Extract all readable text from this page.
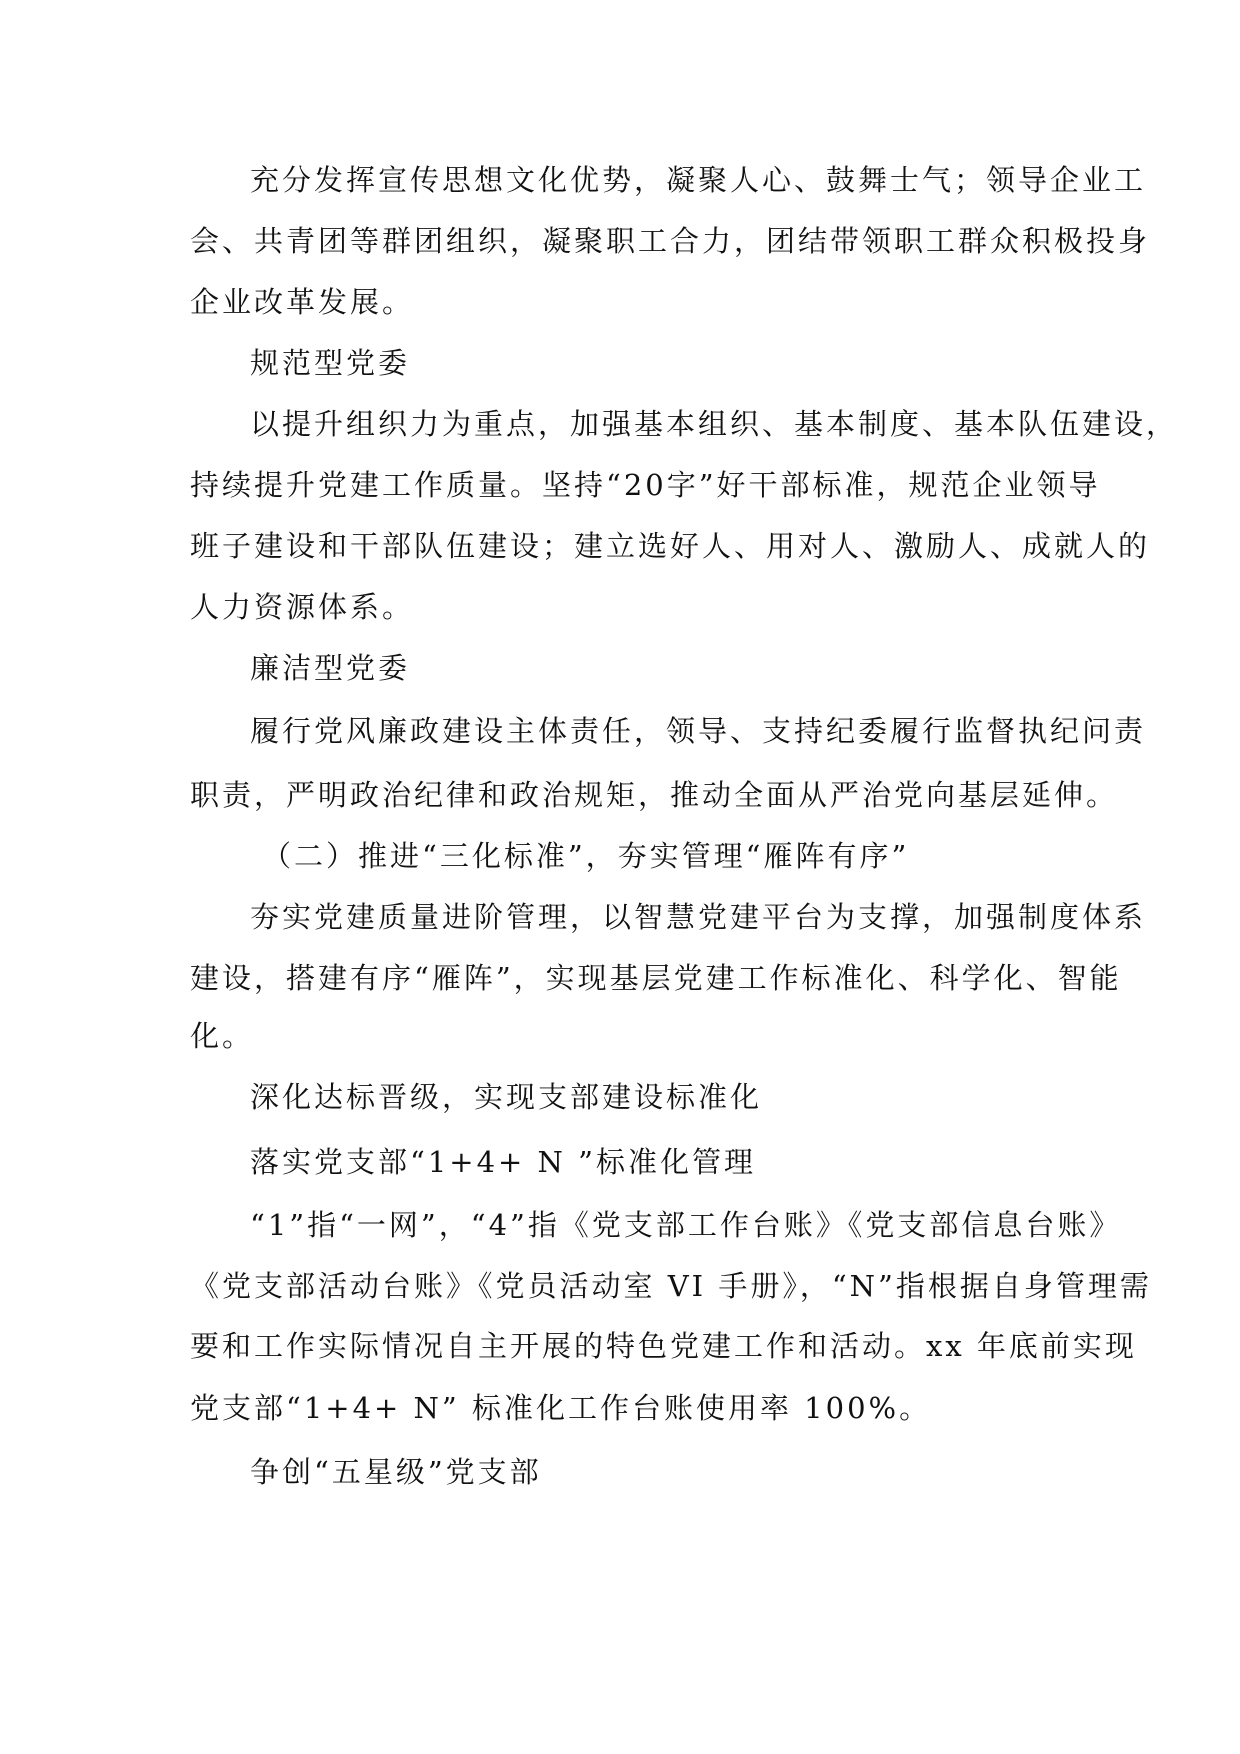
充分发挥宣传思想文化优势，凝聚人心、鼓舞士气；领导企业工

会、共青团等群团组织，凝聚职工合力，团结带领职工群众积极投身

企业改革发展。

规范型党委

以提升组织力为重点，加强基本组织、基本制度、基本队伍建设，

持续提升党建工作质量。坚持“20字”好干部标准，规范企业领导

班子建设和干部队伍建设；建立选好人、用对人、激励人、成就人的

人力资源体系。

廉洁型党委

履行党风廉政建设主体责任，领导、支持纪委履行监督执纪问责

职责，严明政治纪律和政治规矩，推动全面从严治党向基层延伸。

（二）推进“三化标准”，夯实管理“雁阵有序”

夯实党建质量进阶管理，以智慧党建平台为支撑，加强制度体系

建设，搭建有序“雁阵”，实现基层党建工作标准化、科学化、智能

化。

深化达标晋级，实现支部建设标准化

落实党支部“1+4+ N ”标准化管理

“1”指“一网”，“4”指《党支部工作台账》《党支部信息台账》

《党支部活动台账》《党员活动室 VI 手册》，“N”指根据自身管理需

要和工作实际情况自主开展的特色党建工作和活动。xx 年底前实现

党支部“1+4+ N” 标准化工作台账使用率 100%。

争创“五星级”党支部
